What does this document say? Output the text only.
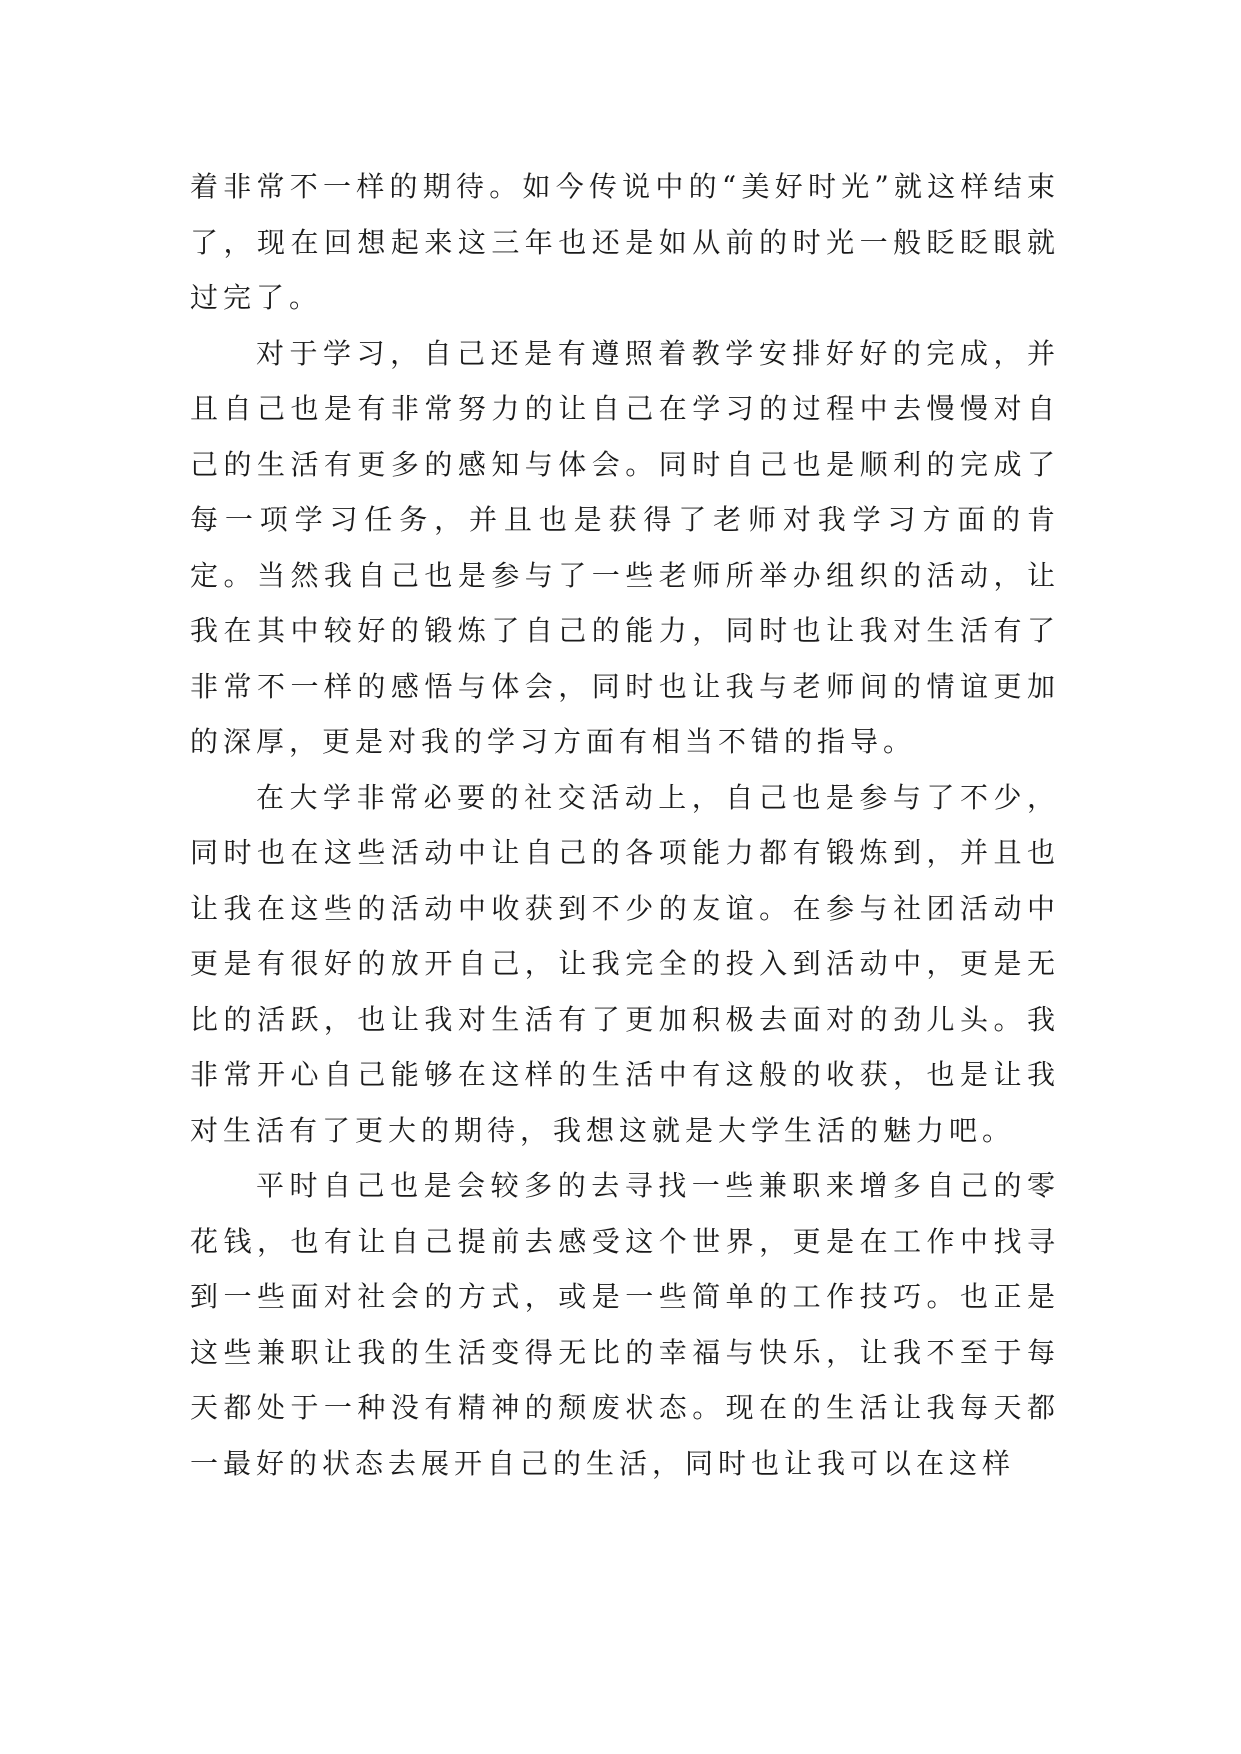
着非常不一样的期待。如今传说中的“美好时光”就这样结束了，现在回想起来这三年也还是如从前的时光一般眨眨眼就过完了。

对于学习，自己还是有遵照着教学安排好好的完成，并且自己也是有非常努力的让自己在学习的过程中去慢慢对自己的生活有更多的感知与体会。同时自己也是顺利的完成了每一项学习任务，并且也是获得了老师对我学习方面的肯定。当然我自己也是参与了一些老师所举办组织的活动，让我在其中较好的锻炼了自己的能力，同时也让我对生活有了非常不一样的感悟与体会，同时也让我与老师间的情谊更加的深厚，更是对我的学习方面有相当不错的指导。

在大学非常必要的社交活动上，自己也是参与了不少，同时也在这些活动中让自己的各项能力都有锻炼到，并且也让我在这些的活动中收获到不少的友谊。在参与社团活动中更是有很好的放开自己，让我完全的投入到活动中，更是无比的活跃，也让我对生活有了更加积极去面对的劲儿头。我非常开心自己能够在这样的生活中有这般的收获，也是让我对生活有了更大的期待，我想这就是大学生活的魅力吧。

平时自己也是会较多的去寻找一些兼职来增多自己的零花钱，也有让自己提前去感受这个世界，更是在工作中找寻到一些面对社会的方式，或是一些简单的工作技巧。也正是这些兼职让我的生活变得无比的幸福与快乐，让我不至于每天都处于一种没有精神的颓废状态。现在的生活让我每天都一最好的状态去展开自己的生活，同时也让我可以在这样
